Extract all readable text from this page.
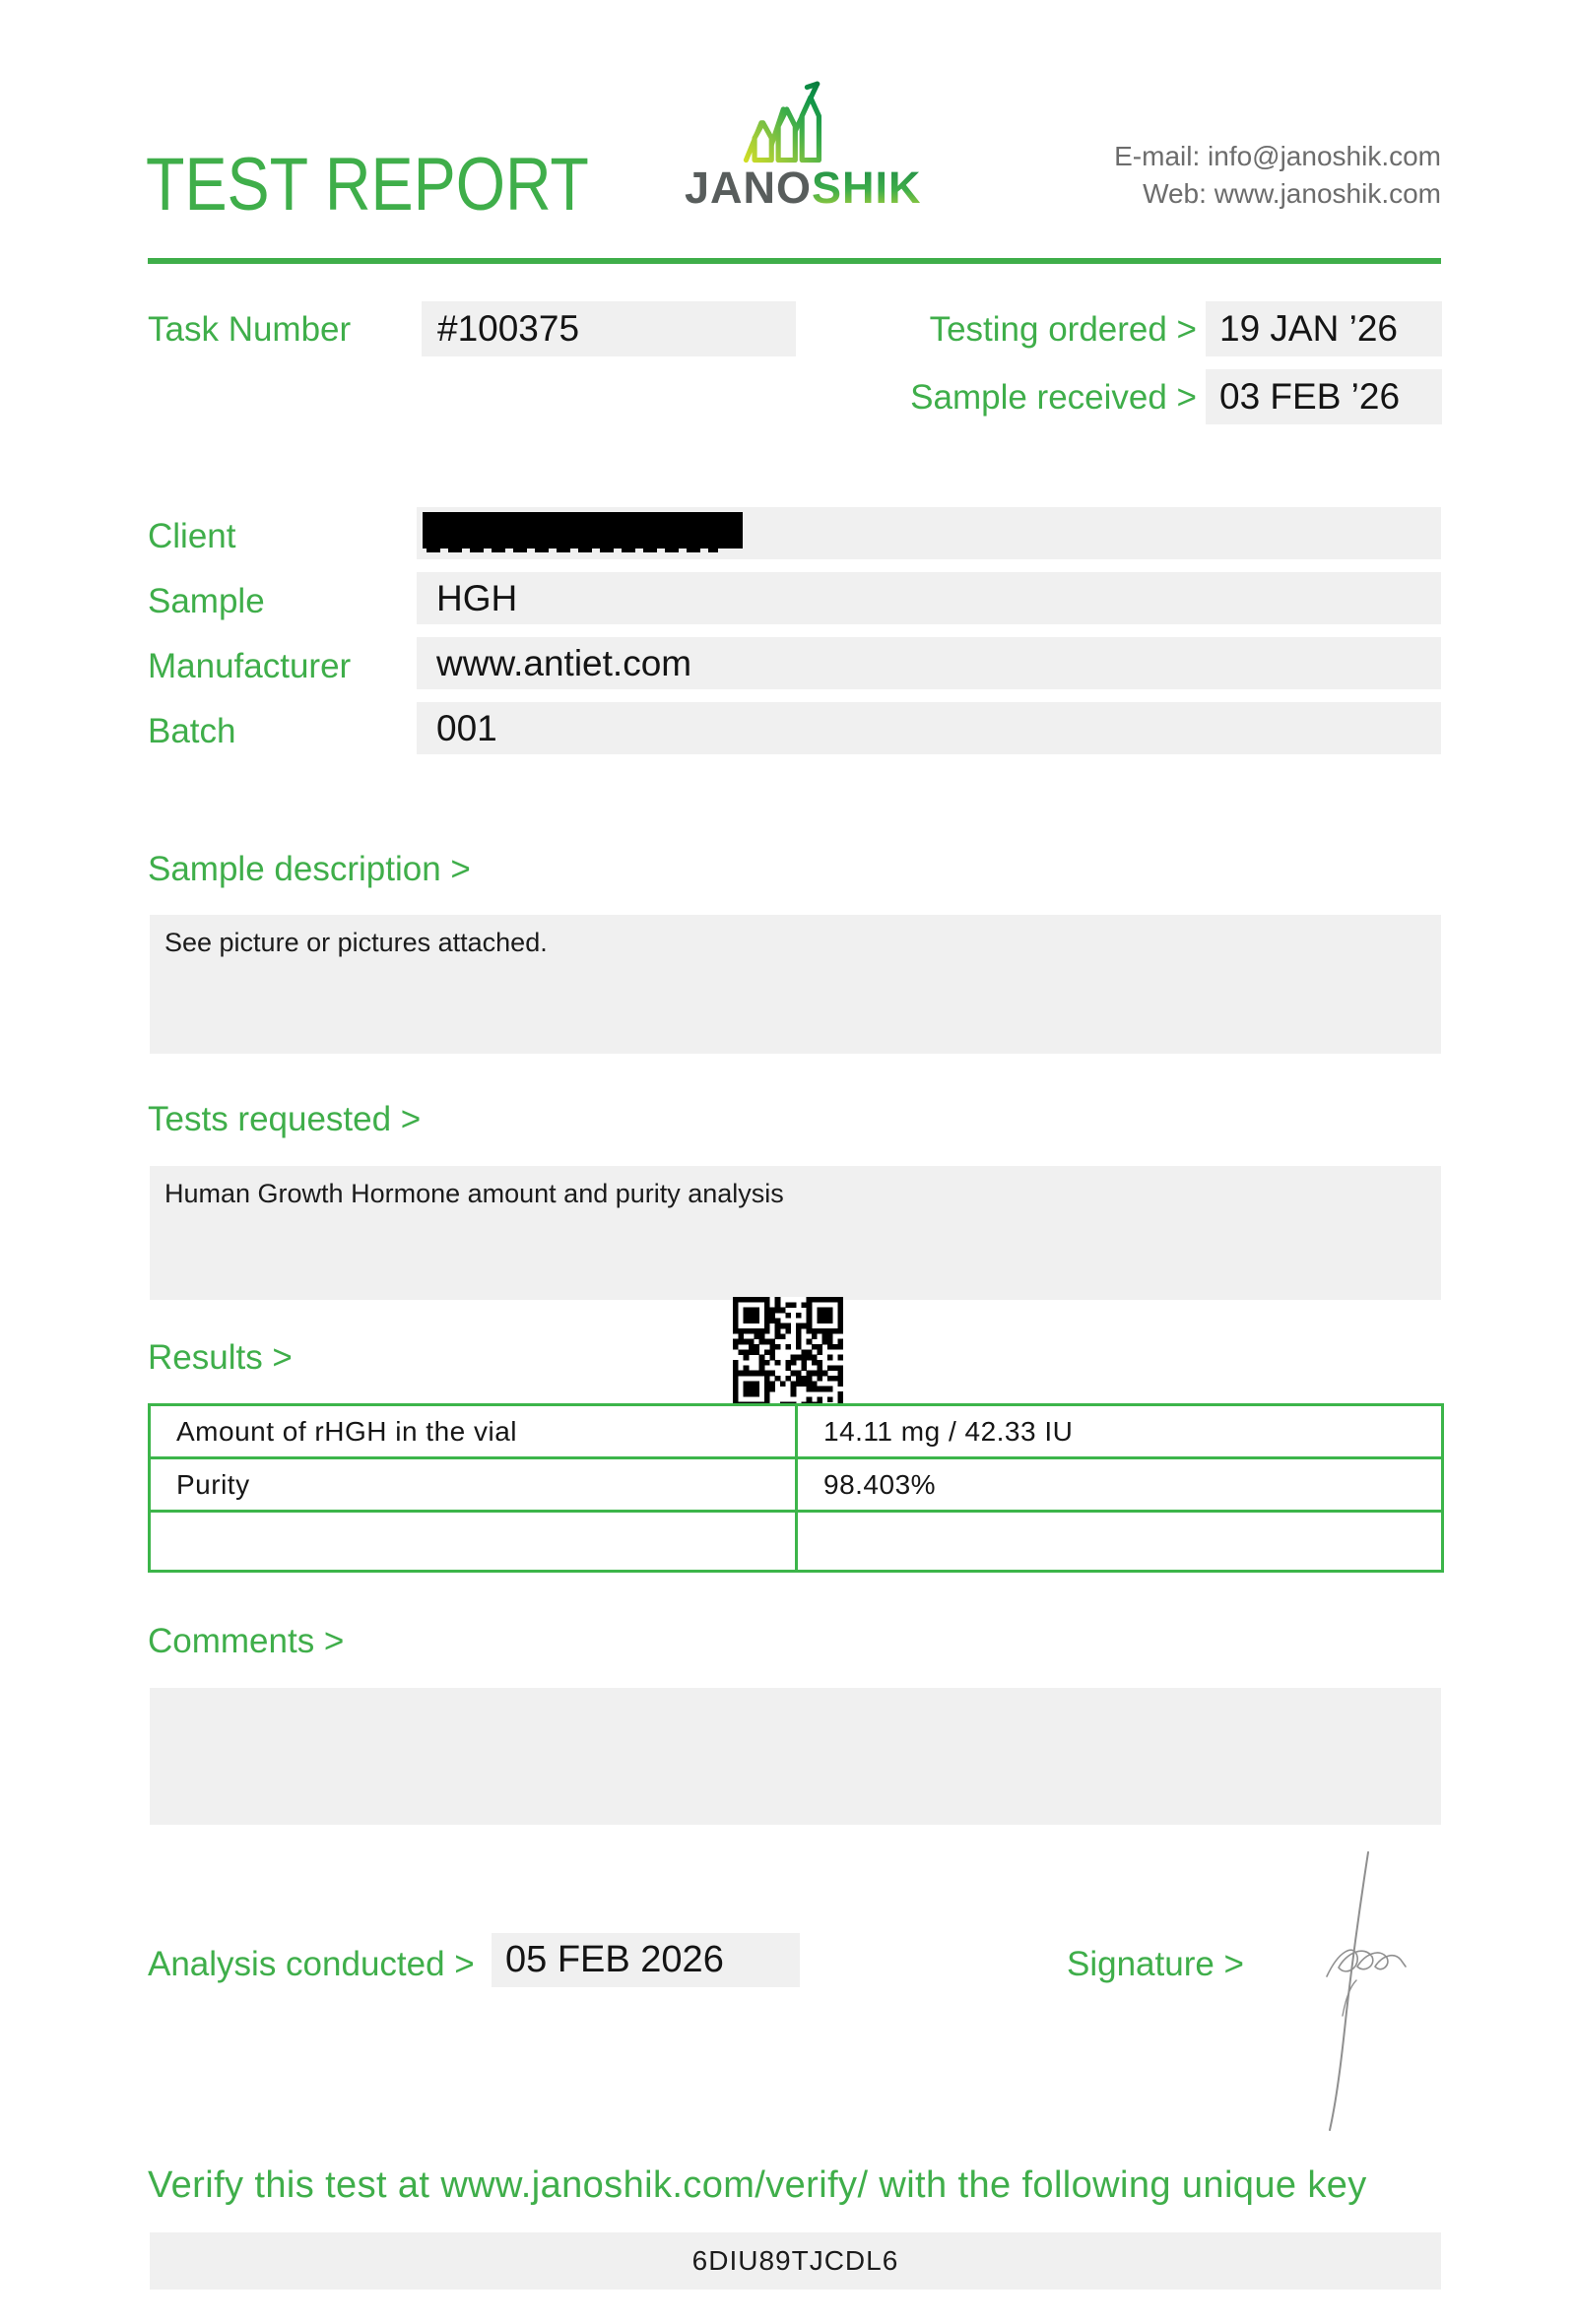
TEST REPORT JANOSHIK
E-mail: info@janoshik.com
Web: www.janoshik.com
Task Number #100375	Testing ordered > 19 JAN ’26
Sample received > 03 FEB ’26
Client
Sample	HGH
Manufacturer www.antiet.com
Batch	001
Sample description >
See picture or pictures attached.
Tests requested >
Human Growth Hormone amount and purity analysis
Results >
Amount of rHGH in the vial	14.11 mg / 42.33 IU
Purity	98.403%
Comments >
Analysis conducted > 05 FEB 2026	Signature >
Verify this test at www.janoshik.com/verify/ with the following unique key
6DIU89TJCDL6
